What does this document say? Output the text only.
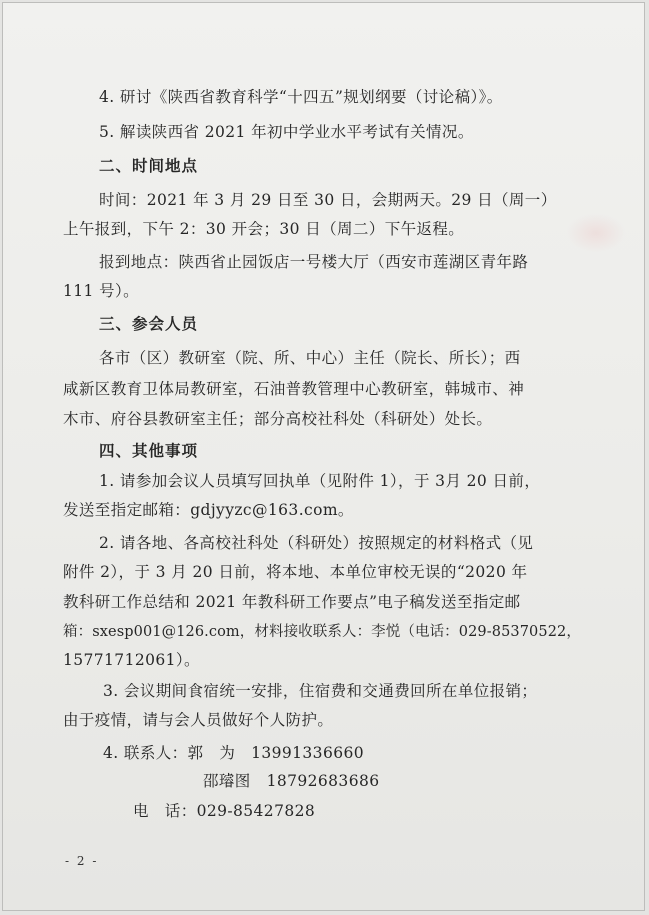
4. 研讨《陕西省教育科学“十四五”规划纲要（讨论稿）》。
5. 解读陕西省 2021 年初中学业水平考试有关情况。
二、时间地点
时间：2021 年 3 月 29 日至 30 日，会期两天。29 日（周一）
上午报到，下午 2：30 开会；30 日（周二）下午返程。
报到地点：陕西省止园饭店一号楼大厅（西安市莲湖区青年路
111 号）。
三、参会人员
各市（区）教研室（院、所、中心）主任（院长、所长）；西
咸新区教育卫体局教研室，石油普教管理中心教研室，韩城市、神
木市、府谷县教研室主任；部分高校社科处（科研处）处长。
四、其他事项
1. 请参加会议人员填写回执单（见附件 1），于 3月 20 日前，
发送至指定邮箱：gdjyyzc@163.com。
2. 请各地、各高校社科处（科研处）按照规定的材料格式（见
附件 2），于 3 月 20 日前，将本地、本单位审校无误的“2020 年
教科研工作总结和 2021 年教科研工作要点”电子稿发送至指定邮
箱：sxesp001@126.com，材料接收联系人：李悦（电话：029-85370522，
15771712061）。
3. 会议期间食宿统一安排，住宿费和交通费回所在单位报销；
由于疫情，请与会人员做好个人防护。
4. 联系人：郭　为　13991336660
邵璿图　18792683686
电　话：029-85427828
- 2 -
